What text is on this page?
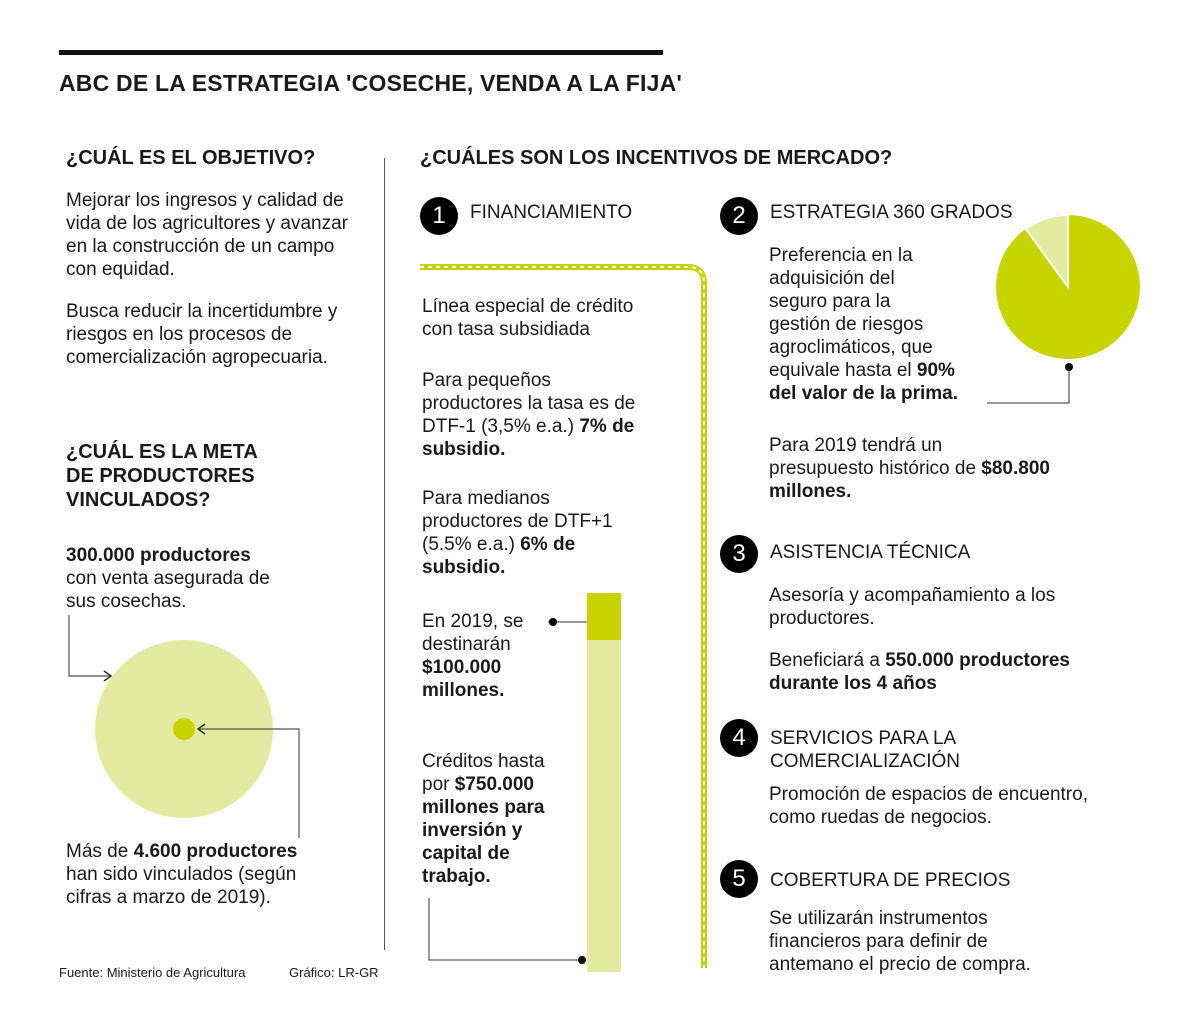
ABC DE LA ESTRATEGIA 'COSECHE, VENDA A LA FIJA'
¿CUÁL ES EL OBJETIVO?
Mejorar los ingresos y calidad de vida de los agricultores y avanzar en la construcción de un campo con equidad.
Busca reducir la incertidumbre y riesgos en los procesos de comercialización agropecuaria.
¿CUÁL ES LA META
DE PRODUCTORES
VINCULADOS?
300.000 productores
con venta asegurada de
sus cosechas.
Más de 4.600 productores
han sido vinculados (según
cifras a marzo de 2019).
¿CUÁLES SON LOS INCENTIVOS DE MERCADO?
1	FINANCIAMIENTO
Línea especial de crédito
con tasa subsidiada
Para pequeños
productores la tasa es de
DTF-1 (3,5% e.a.) 7% de
subsidio.
Para medianos
productores de DTF+1
(5.5% e.a.) 6% de
subsidio.
En 2019, se
destinarán
$100.000
millones.
Créditos hasta
por $750.000
millones para
inversión y
capital de
trabajo.
2	ESTRATEGIA 360 GRADOS
Preferencia en la
adquisición del
seguro para la
gestión de riesgos
agroclimáticos, que
equivale hasta el 90%
del valor de la prima.
Para 2019 tendrá un
presupuesto histórico de $80.800
millones.
3	ASISTENCIA TÉCNICA
Asesoría y acompañamiento a los
productores.
Beneficiará a 550.000 productores
durante los 4 años
4	SERVICIOS PARA LA
COMERCIALIZACIÓN
Promoción de espacios de encuentro,
como ruedas de negocios.
5	COBERTURA DE PRECIOS
Se utilizarán instrumentos
financieros para definir de
antemano el precio de compra.
Fuente: Ministerio de Agricultura	Gráfico: LR-GR
